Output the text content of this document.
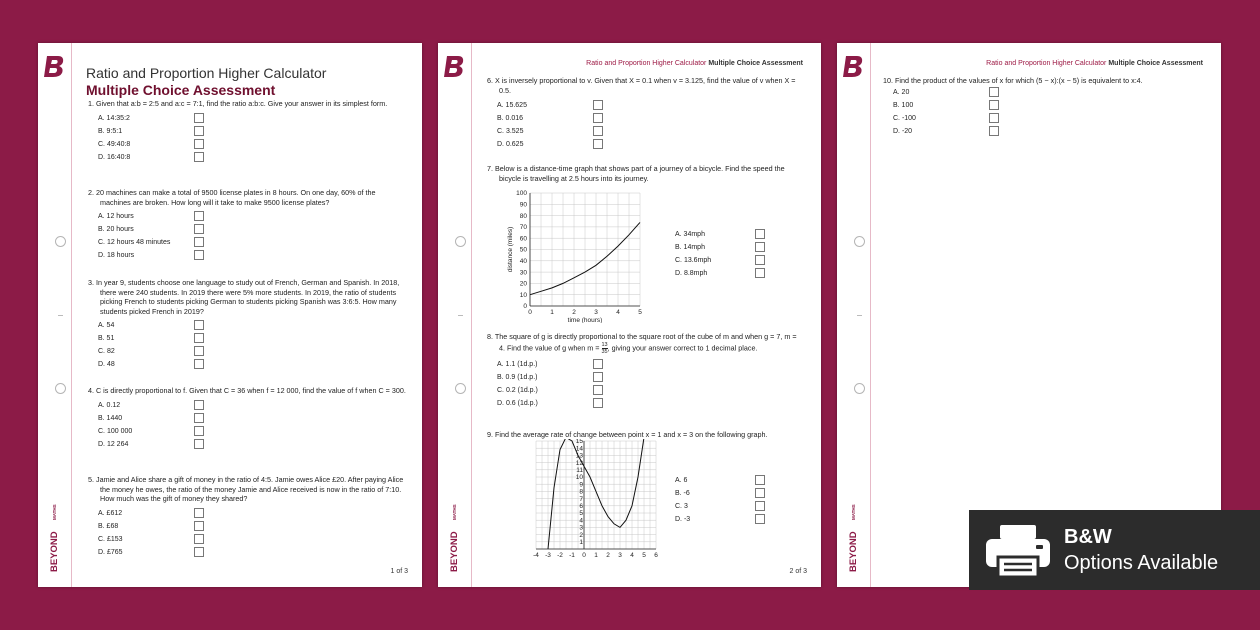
BEYOND
MATHS
Ratio and Proportion Higher Calculator
Multiple Choice Assessment
1. Given that a:b = 2:5 and a:c = 7:1, find the ratio a:b:c. Give your answer in its simplest form.
A. 14:35:2
B. 9:5:1
C. 49:40:8
D. 16:40:8
2. 20 machines can make a total of 9500 license plates in 8 hours. On one day, 60% of the machines are broken. How long will it take to make 9500 license plates?
A. 12 hours
B. 20 hours
C. 12 hours 48 minutes
D. 18 hours
3. In year 9, students choose one language to study out of French, German and Spanish. In 2018, there were 240 students. In 2019 there were 5% more students. In 2019, the ratio of students picking French to students picking German to students picking Spanish was 3:6:5. How many students picked French in 2019?
A. 54
B. 51
C. 82
D. 48
4. C is directly proportional to f. Given that C = 36 when f = 12 000, find the value of f when C = 300.
A. 0.12
B. 1440
C. 100 000
D. 12 264
5. Jamie and Alice share a gift of money in the ratio of 4:5. Jamie owes Alice £20. After paying Alice the money he owes, the ratio of the money Jamie and Alice received is now in the ratio of 7:10. How much was the gift of money they shared?
A. £612
B. £68
C. £153
D. £765
1 of 3	BEYOND
MATHS
Ratio and Proportion Higher Calculator Multiple Choice Assessment
6. X is inversely proportional to v. Given that X = 0.1 when v = 3.125, find the value of v when X = 0.5.
A. 15.625
B. 0.016
C. 3.525
D. 0.625
7. Below is a distance-time graph that shows part of a journey of a bicycle. Find the speed the bicycle is travelling at 2.5 hours into its journey.
0	1	2	3	4	5
0
10
20
30
40
50
60
70
80
90
100
time (hours)
distance (miles)	A. 34mph
B. 14mph
C. 13.6mph
D. 8.8mph
8. The square of g is directly proportional to the square root of the cube of m and when g = 7, m = 4. Find the value of g when $m = \frac{13}{35}$ , giving your answer correct to 1 decimal place.
A. 1.1 (1d.p.)
B. 0.9 (1d.p.)
C. 0.2 (1d.p.)
D. 0.6 (1d.p.)
9. Find the average rate of change between point x = 1 and x = 3 on the following graph.
-4 -3 -2 -1 0 1 2 3 4 5 6
1
2
3
4
5
6
7
8
9
10
11
12
13
14
15
A. 6
B. -6
C. 3
D. -3
2 of 3	BEYOND
MATHS
Ratio and Proportion Higher Calculator Multiple Choice Assessment
10. Find the product of the values of x for which (5 − x):(x − 5) is equivalent to x:4.
A. 20
B. 100
C. -100
D. -20
B&W
Options Available
